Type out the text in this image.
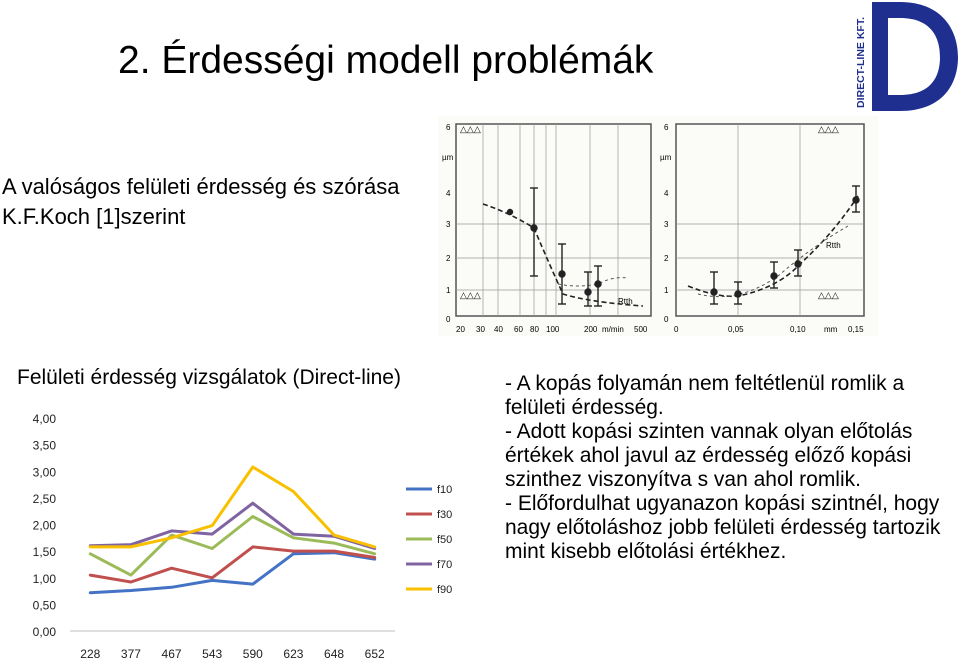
2. Érdességi modell problémák	DIRECT-LINE KFT.
A valóságos felületi érdesség és szórása K.F.Koch [1]szerint
6
µm
4
3
2
1
0
△△△
△△△
Rtth
20 30 40 60 80 100	200 m/min 500
6
µm
4
3
2
1
0
△△△
△△△
Rtth
0	0,05	0,10 mm 0,15
Felületi érdesség vizsgálatok (Direct-line)	- A kopás folyamán nem feltétlenül romlik a felületi érdesség.

- Adott kopási szinten vannak olyan előtolás értékek ahol javul az érdesség előző kopási szinthez viszonyítva s van ahol romlik.

- Előfordulhat ugyanazon kopási szintnél, hogy nagy előtoláshoz jobb felületi érdesség tartozik mint kisebb előtolási értékhez.

0,00
0,50
1,00
1,50
2,00
2,50
3,00
3,50
4,00
228 377 467 543 590 623 648 652
f10
f30
f50
f70
f90
